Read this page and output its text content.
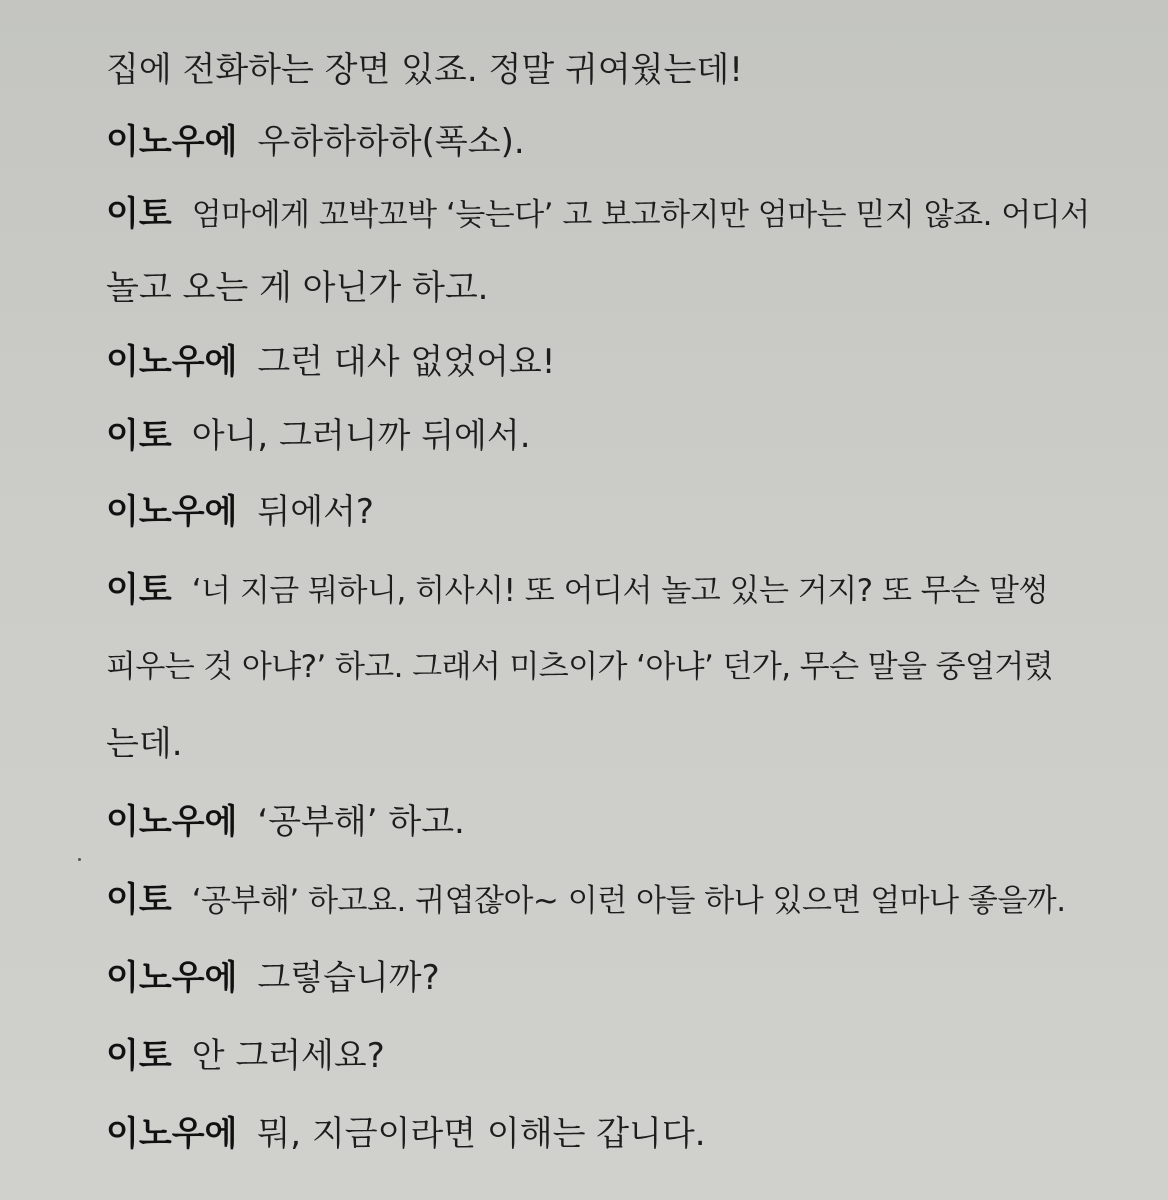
집에 전화하는 장면 있죠. 정말 귀여웠는데!
이노우에 우하하하하(폭소).
이토 엄마에게 꼬박꼬박 ‘늦는다’ 고 보고하지만 엄마는 믿지 않죠. 어디서
놀고 오는 게 아닌가 하고.
이노우에 그런 대사 없었어요!
이토 아니, 그러니까 뒤에서.
이노우에 뒤에서?
이토 ‘너 지금 뭐하니, 히사시! 또 어디서 놀고 있는 거지? 또 무슨 말썽
피우는 것 아냐?’ 하고. 그래서 미츠이가 ‘아냐’ 던가, 무슨 말을 중얼거렸
는데.
이노우에 ‘공부해’ 하고.
이토 ‘공부해’ 하고요. 귀엽잖아~ 이런 아들 하나 있으면 얼마나 좋을까.
이노우에 그렇습니까?
이토 안 그러세요?
이노우에 뭐, 지금이라면 이해는 갑니다.
